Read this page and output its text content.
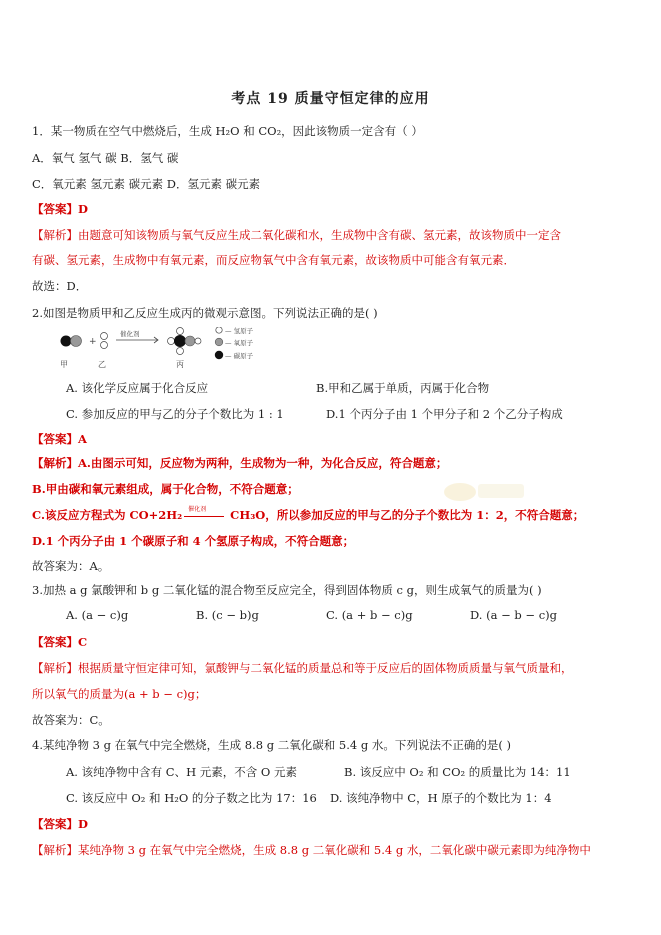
考点 19 质量守恒定律的应用
1．某一物质在空气中燃烧后，生成 H₂O 和 CO₂，因此该物质一定含有（ ）
A．氧气 氢气 碳 B．氢气 碳
C．氧元素 氢元素 碳元素 D．氢元素 碳元素
【答案】D
【解析】由题意可知该物质与氧气反应生成二氧化碳和水，生成物中含有碳、氢元素，故该物质中一定含
有碳、氢元素，生成物中有氧元素，而反应物氧气中含有氧元素，故该物质中可能含有氧元素．
故选：D．
2.如图是物质甲和乙反应生成丙的微观示意图。下列说法正确的是( )
甲
+
乙
催化剂
丙
— 氢原子
— 氧原子
— 碳原子
A. 该化学反应属于化合反应	B.甲和乙属于单质，丙属于化合物
C. 参加反应的甲与乙的分子个数比为 1 : 1	D.1 个丙分子由 1 个甲分子和 2 个乙分子构成
【答案】A
【解析】A.由图示可知，反应物为两种，生成物为一种，为化合反应，符合题意；
B.甲由碳和氧元素组成，属于化合物，不符合题意；
C.该反应方程式为 CO+2H₂ 催化剂 CH₃O，所以参加反应的甲与乙的分子个数比为 1：2，不符合题意；
D.1 个丙分子由 1 个碳原子和 4 个氢原子构成，不符合题意；
故答案为：A。
3.加热 a g 氯酸钾和 b g 二氧化锰的混合物至反应完全，得到固体物质 c g，则生成氧气的质量为( )
A. (a − c)g	B. (c − b)g	C. (a + b − c)g	D. (a − b − c)g
【答案】C
【解析】根据质量守恒定律可知，氯酸钾与二氧化锰的质量总和等于反应后的固体物质质量与氧气质量和，
所以氧气的质量为(a + b − c)g；
故答案为：C。
4.某纯净物 3 g 在氧气中完全燃烧，生成 8.8 g 二氧化碳和 5.4 g 水。下列说法不正确的是( )
A. 该纯净物中含有 C、H 元素，不含 O 元素	B. 该反应中 O₂ 和 CO₂ 的质量比为 14：11
C. 该反应中 O₂ 和 H₂O 的分子数之比为 17：16 D. 该纯净物中 C，H 原子的个数比为 1：4
【答案】D
【解析】某纯净物 3 g 在氧气中完全燃烧，生成 8.8 g 二氧化碳和 5.4 g 水，二氧化碳中碳元素即为纯净物中
